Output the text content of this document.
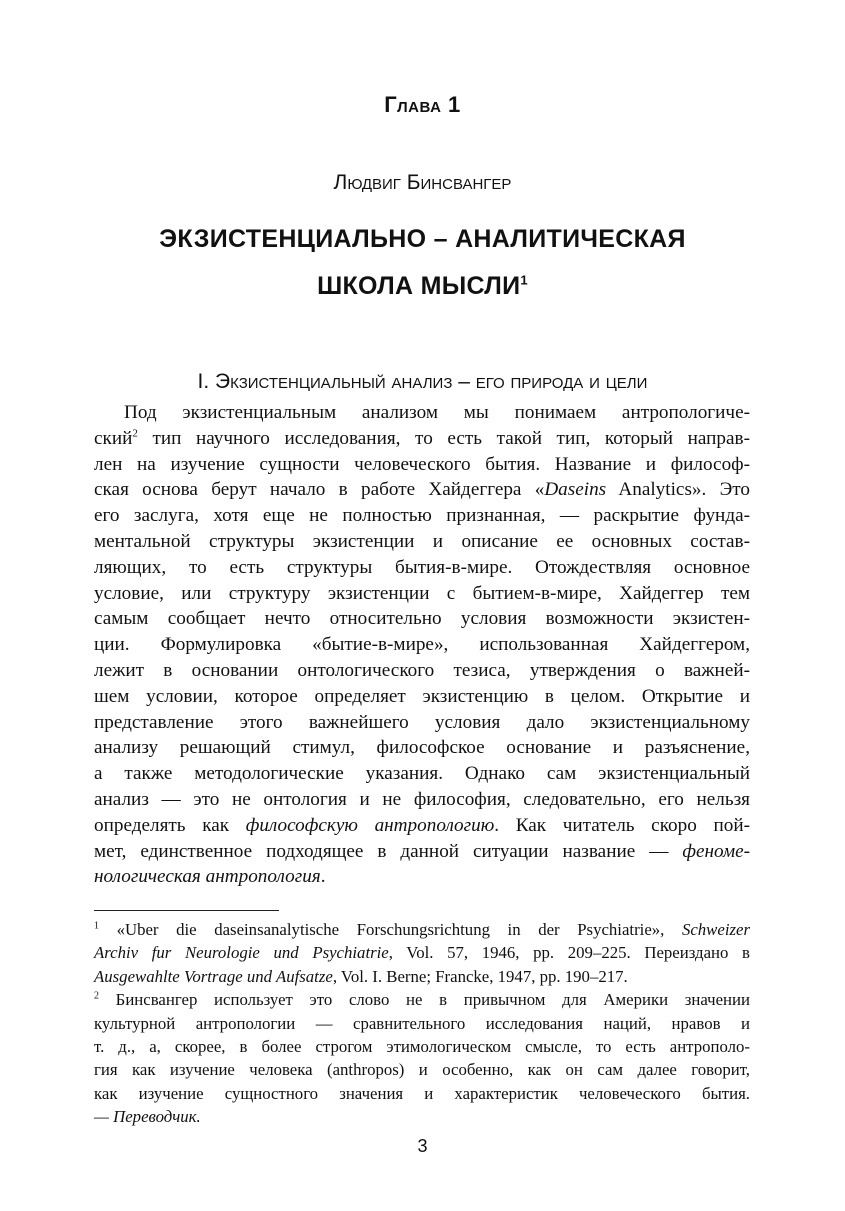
Глава 1
Людвиг Бинсвангер
ЭКЗИСТЕНЦИАЛЬНО – АНАЛИТИЧЕСКАЯ
ШКОЛА МЫСЛИ$^1$
I. Экзистенциальный анализ – его природа и цели
Под экзистенциальным анализом мы понимаем антропологиче-
ский$^2$ тип научного исследования, то есть такой тип, который направ-
лен на изучение сущности человеческого бытия. Название и философ-
ская основа берут начало в работе Хайдеггера «Daseins Analytics». Это
его заслуга, хотя еще не полностью признанная, — раскрытие фунда-
ментальной структуры экзистенции и описание ее основных состав-
ляющих, то есть структуры бытия-в-мире. Отождествляя основное
условие, или структуру экзистенции с бытием-в-мире, Хайдеггер тем
самым сообщает нечто относительно условия возможности экзистен-
ции. Формулировка «бытие-в-мире», использованная Хайдеггером,
лежит в основании онтологического тезиса, утверждения о важней-
шем условии, которое определяет экзистенцию в целом. Открытие и
представление этого важнейшего условия дало экзистенциальному
анализу решающий стимул, философское основание и разъяснение,
а также методологические указания. Однако сам экзистенциальный
анализ — это не онтология и не философия, следовательно, его нельзя
определять как философскую антропологию. Как читатель скоро пой-
мет, единственное подходящее в данной ситуации название — феноме-
нологическая антропология.
$^1$ «Uber die daseinsanalytische Forschungsrichtung in der Psychiatrie», Schweizer
Archiv fur Neurologie und Psychiatrie, Vol. 57, 1946, pp. 209–225. Переиздано в
Ausgewahlte Vortrage und Aufsatze, Vol. I. Berne; Francke, 1947, pp. 190–217.
$^2$ Бинсвангер использует это слово не в привычном для Америки значении
культурной антропологии — сравнительного исследования наций, нравов и
т. д., а, скорее, в более строгом этимологическом смысле, то есть антрополо-
гия как изучение человека (anthropos) и особенно, как он сам далее говорит,
как изучение сущностного значения и характеристик человеческого бытия.
— Переводчик.
3
